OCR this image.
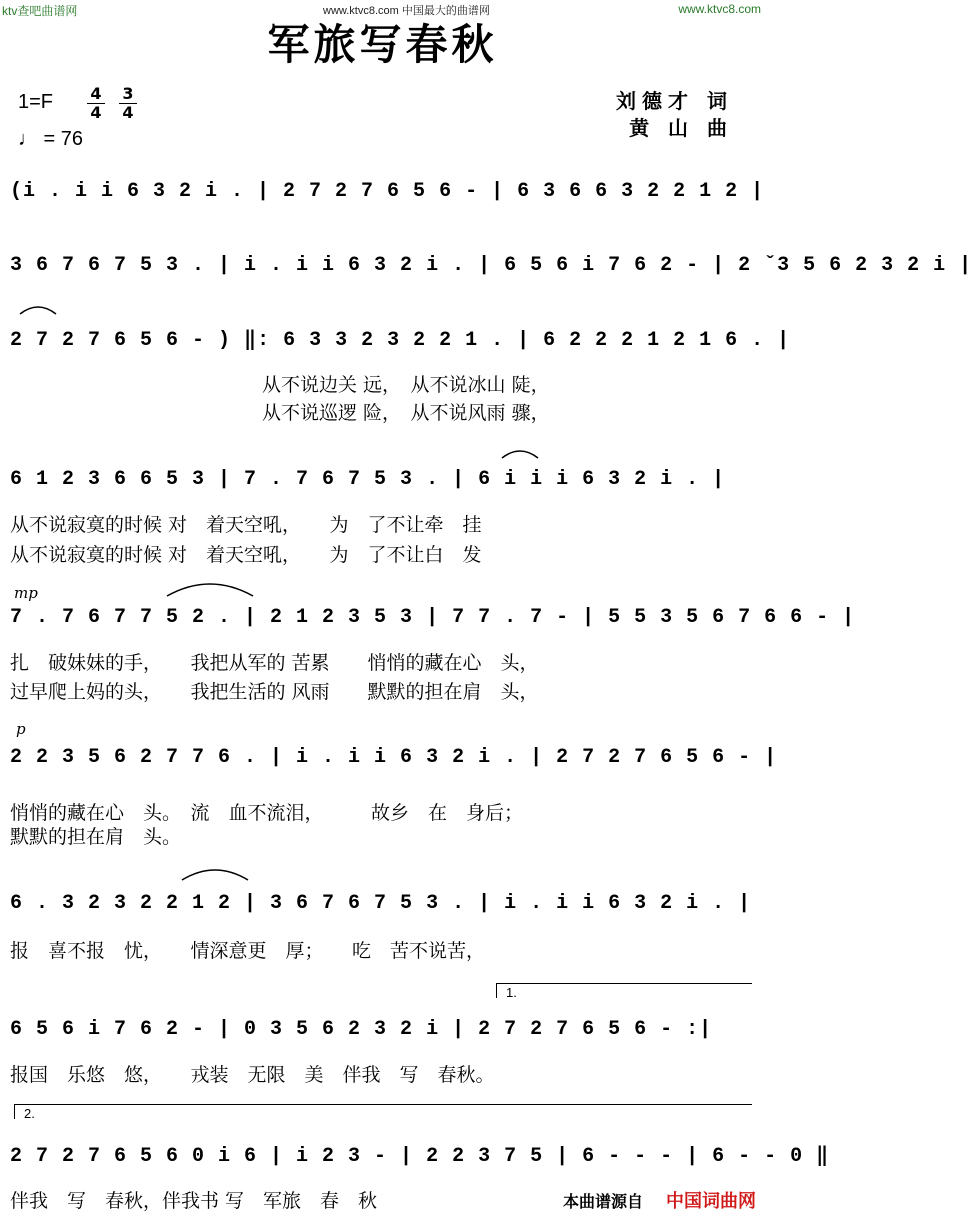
ktv查吧曲谱网	www.ktvc8.com 中国最大的曲谱网	www.ktvc8.com
军旅写春秋
1=F 4
4
3
4
♩ = 76
刘德才 词
黄 山 曲
(i . i i 6 3 2 i . | 2 7 2 7 6 5 6 - | 6 3 6 6 3 2 2 1 2 |
3 6 7 6 7 5 3 . | i . i i 6 3 2 i . | 6 5 6 i 7 6 2 - | 2 ˇ3 5 6 2 3 2 i |
2 7 2 7 6 5 6 - ) ‖: 6 3 3 2 3 2 2 1 . | 6 2 2 2 1 2 1 6 . |
从不说边关 远，　从不说冰山 陡，
从不说巡逻 险，　从不说风雨 骤，
6 1 2 3 6 6 5 3 | 7 . 7 6 7 5 3 . | 6 i i i 6 3 2 i . |
从不说寂寞的时候 对　着天空吼，　　为　了不让牵　挂
从不说寂寞的时候 对　着天空吼，　　为　了不让白　发
mp
7 . 7 6 7 7 5 2 . | 2 1 2 3 5 3 | 7 7 . 7 - | 5 5 3 5 6 7 6 6 - |
扎　破妹妹的手，　　我把从军的 苦累　　悄悄的藏在心　头，
过早爬上妈的头，　　我把生活的 风雨　　默默的担在肩　头，
p
2 2 3 5 6 2 7 7 6 . | i . i i 6 3 2 i . | 2 7 2 7 6 5 6 - |
悄悄的藏在心　头。　流　血不流泪，　　　故乡　在　身后；
默默的担在肩　头。
6 . 3 2 3 2 2 1 2 | 3 6 7 6 7 5 3 . | i . i i 6 3 2 i . |
报　喜不报　忧，　　情深意更　厚；　　吃　苦不说苦，
1.
6 5 6 i 7 6 2 - | 0 3 5 6 2 3 2 i | 2 7 2 7 6 5 6 - :|
报国　乐悠　悠，　　戎装　无限　美　伴我　写　春秋。
2.
2 7 2 7 6 5 6 0 i 6 | i 2 3 - | 2 2 3 7 5 | 6 - - - | 6 - - 0 ‖
伴我　写　春秋，伴我书 写　军旅　春　秋	本曲谱源自 中国词曲网
